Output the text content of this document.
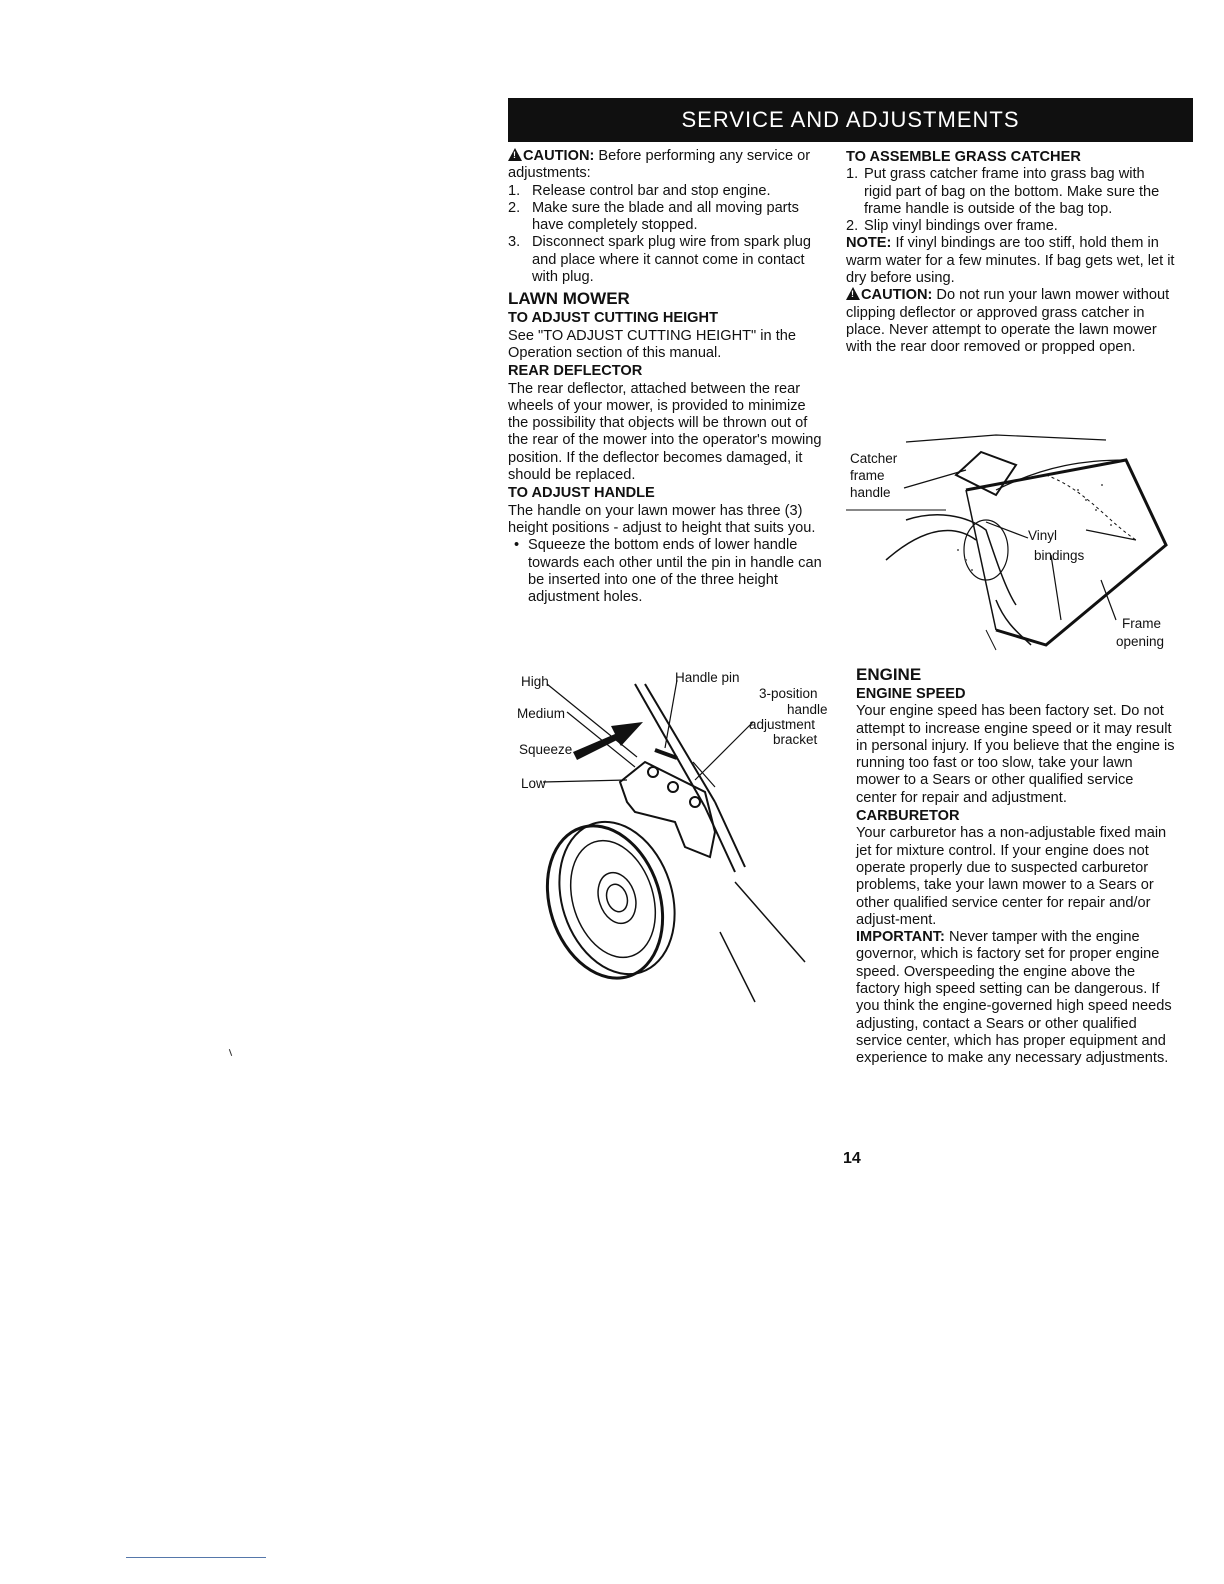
SERVICE AND ADJUSTMENTS

!CAUTION: Before performing any service or adjustments:

1. Release control bar and stop engine.
2. Make sure the blade and all moving parts have completely stopped.
3. Disconnect spark plug wire from spark plug and place where it cannot come in contact with plug.

LAWN MOWER

TO ADJUST CUTTING HEIGHT

See "TO ADJUST CUTTING HEIGHT" in the Operation section of this manual.

REAR DEFLECTOR

The rear deflector, attached between the rear wheels of your mower, is provided to minimize the possibility that objects will be thrown out of the rear of the mower into the operator's mowing position. If the deflector becomes damaged, it should be replaced.

TO ADJUST HANDLE

The handle on your lawn mower has three (3) height positions - adjust to height that suits you.

• Squeeze the bottom ends of lower handle towards each other until the pin in handle can be inserted into one of the three height adjustment holes.
High
Medium
Squeeze
Low
Handle pin
3-position
handle
adjustment
bracket

TO ASSEMBLE GRASS CATCHER

1. Put grass catcher frame into grass bag with rigid part of bag on the bottom. Make sure the frame handle is outside of the bag top.
2. Slip vinyl bindings over frame.

NOTE: If vinyl bindings are too stiff, hold them in warm water for a few minutes. If bag gets wet, let it dry before using.

!CAUTION: Do not run your lawn mower without clipping deflector or approved grass catcher in place. Never attempt to operate the lawn mower with the rear door removed or propped open.

Catcher
frame
handle
Vinyl
bindings
Frame
opening

ENGINE

ENGINE SPEED

Your engine speed has been factory set. Do not attempt to increase engine speed or it may result in personal injury. If you believe that the engine is running too fast or too slow, take your lawn mower to a Sears or other qualified service center for repair and adjustment.

CARBURETOR

Your carburetor has a non-adjustable fixed main jet for mixture control. If your engine does not operate properly due to suspected carburetor problems, take your lawn mower to a Sears or other qualified service center for repair and/or adjust-ment.

IMPORTANT: Never tamper with the engine governor, which is factory set for proper engine speed. Overspeeding the engine above the factory high speed setting can be dangerous. If you think the engine-governed high speed needs adjusting, contact a Sears or other qualified service center, which has proper equipment and experience to make any necessary adjustments.

14
